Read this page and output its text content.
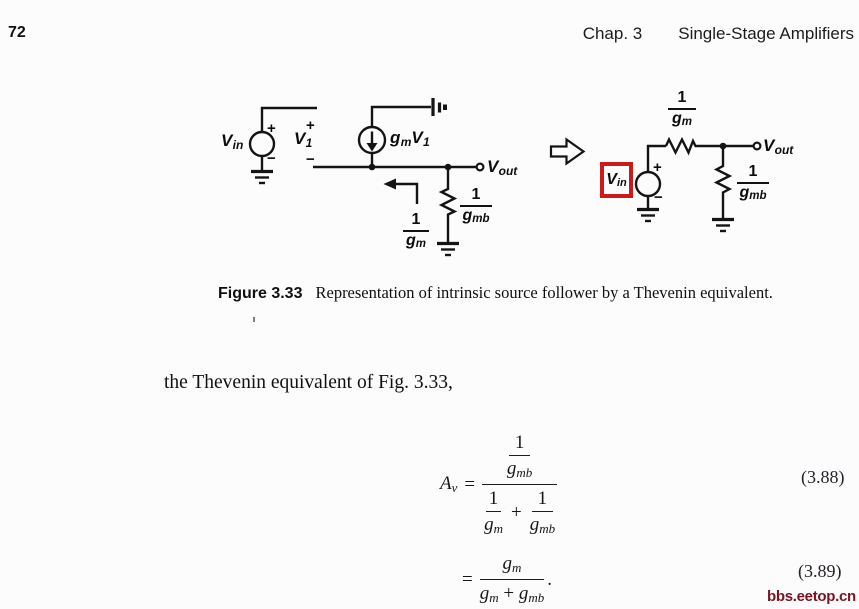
72	Chap. 3 Single-Stage Amplifiers
$V_{in}$
+
−
+
$V_1$
−
$g_mV_1$
$V_{out}$
1
gm
1
gmb
Vin
+
−
1
gm
$V_{out}$
1
gmb
Figure 3.33 Representation of intrinsic source follower by a Thevenin equivalent.
the Thevenin equivalent of Fig. 3.33,
Av =
1
gmb
1
gm
+
1
gmb
(3.88)
=
gm
gm + gmb
.	(3.89)
bbs.eetop.cn
